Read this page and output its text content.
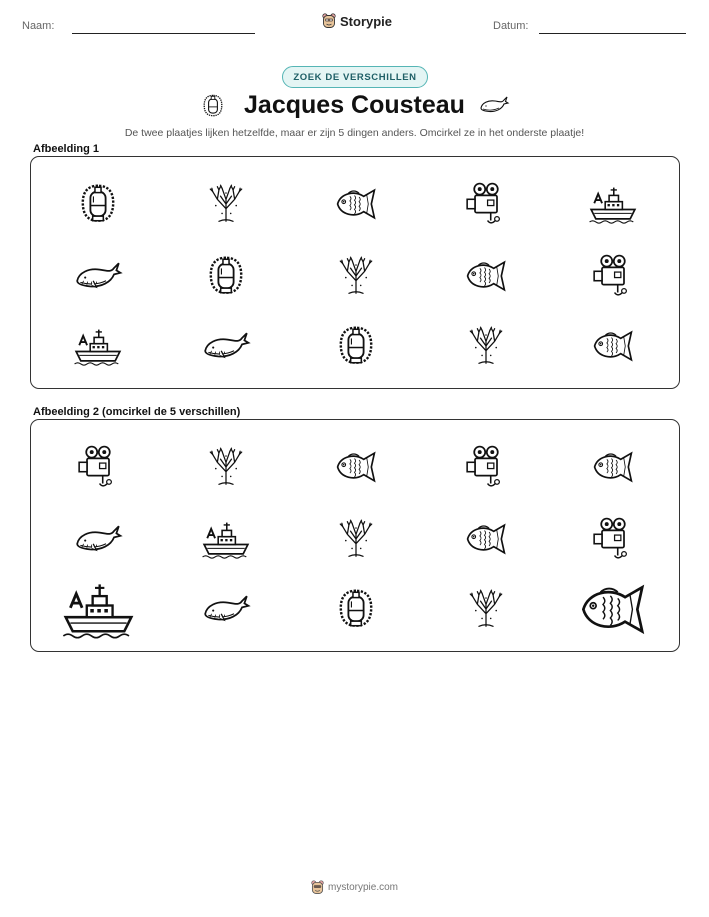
Naam:	Storypie	Datum:
ZOEK DE VERSCHILLEN
Jacques Cousteau
De twee plaatjes lijken hetzelfde, maar er zijn 5 dingen anders. Omcirkel ze in het onderste plaatje!
Afbeelding 1
Afbeelding 2 (omcirkel de 5 verschillen)
mystorypie.com
